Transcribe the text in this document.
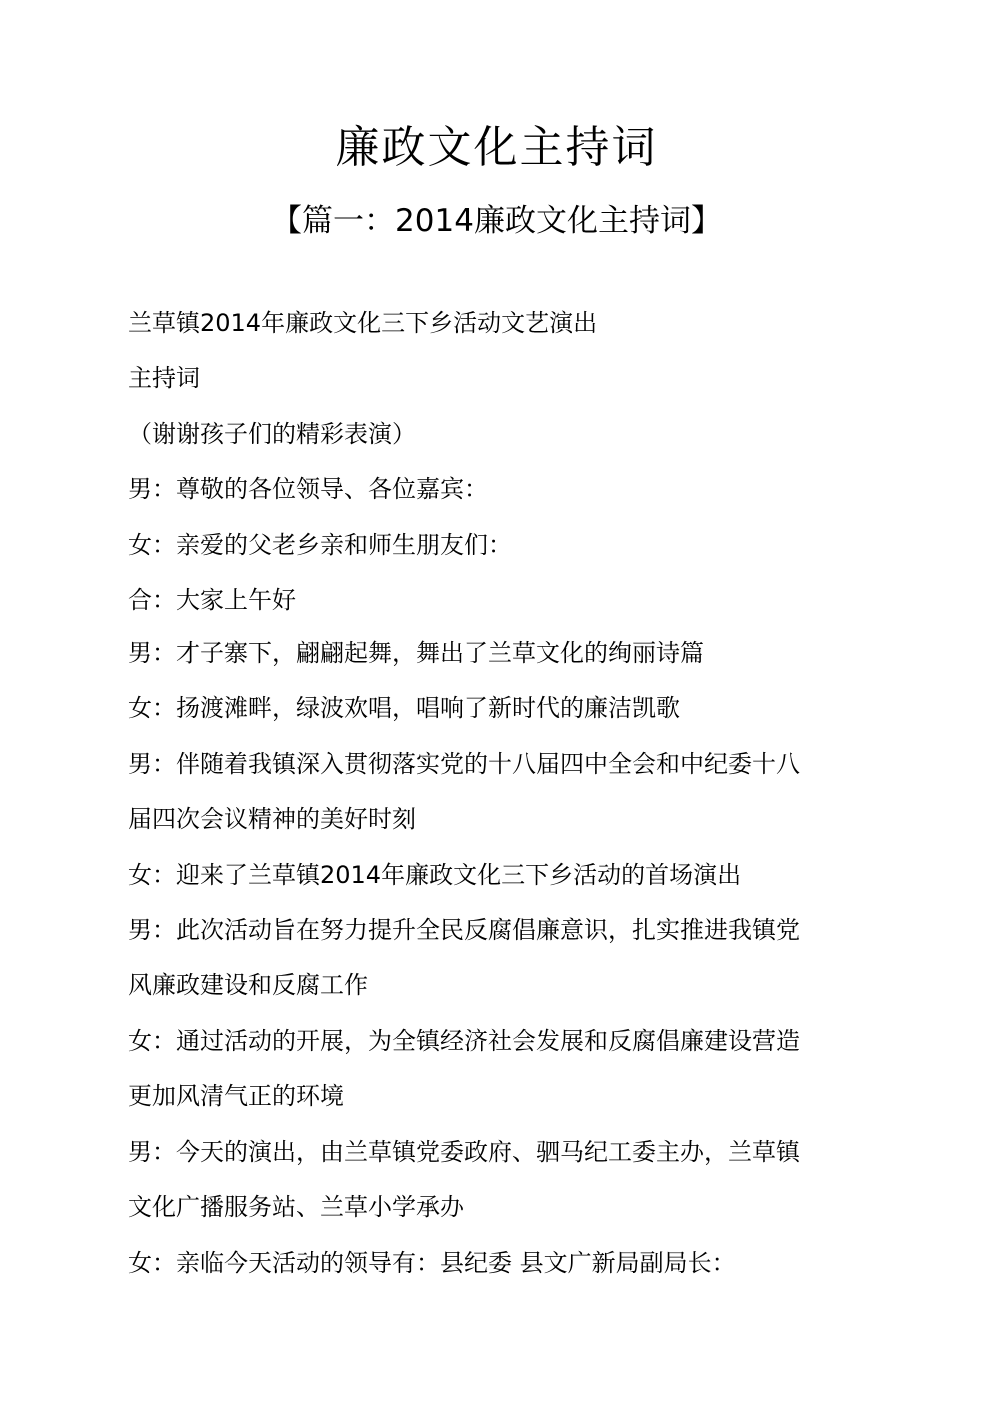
廉政文化主持词
【篇一：2014廉政文化主持词】
兰草镇2014年廉政文化三下乡活动文艺演出
主持词
（谢谢孩子们的精彩表演）
男：尊敬的各位领导、各位嘉宾：
女：亲爱的父老乡亲和师生朋友们：
合：大家上午好
男：才子寨下，翩翩起舞，舞出了兰草文化的绚丽诗篇
女：扬渡滩畔，绿波欢唱，唱响了新时代的廉洁凯歌
男：伴随着我镇深入贯彻落实党的十八届四中全会和中纪委十八
届四次会议精神的美好时刻
女：迎来了兰草镇2014年廉政文化三下乡活动的首场演出
男：此次活动旨在努力提升全民反腐倡廉意识，扎实推进我镇党
风廉政建设和反腐工作
女：通过活动的开展，为全镇经济社会发展和反腐倡廉建设营造
更加风清气正的环境
男：今天的演出，由兰草镇党委政府、驷马纪工委主办，兰草镇
文化广播服务站、兰草小学承办
女：亲临今天活动的领导有：县纪委 县文广新局副局长：
